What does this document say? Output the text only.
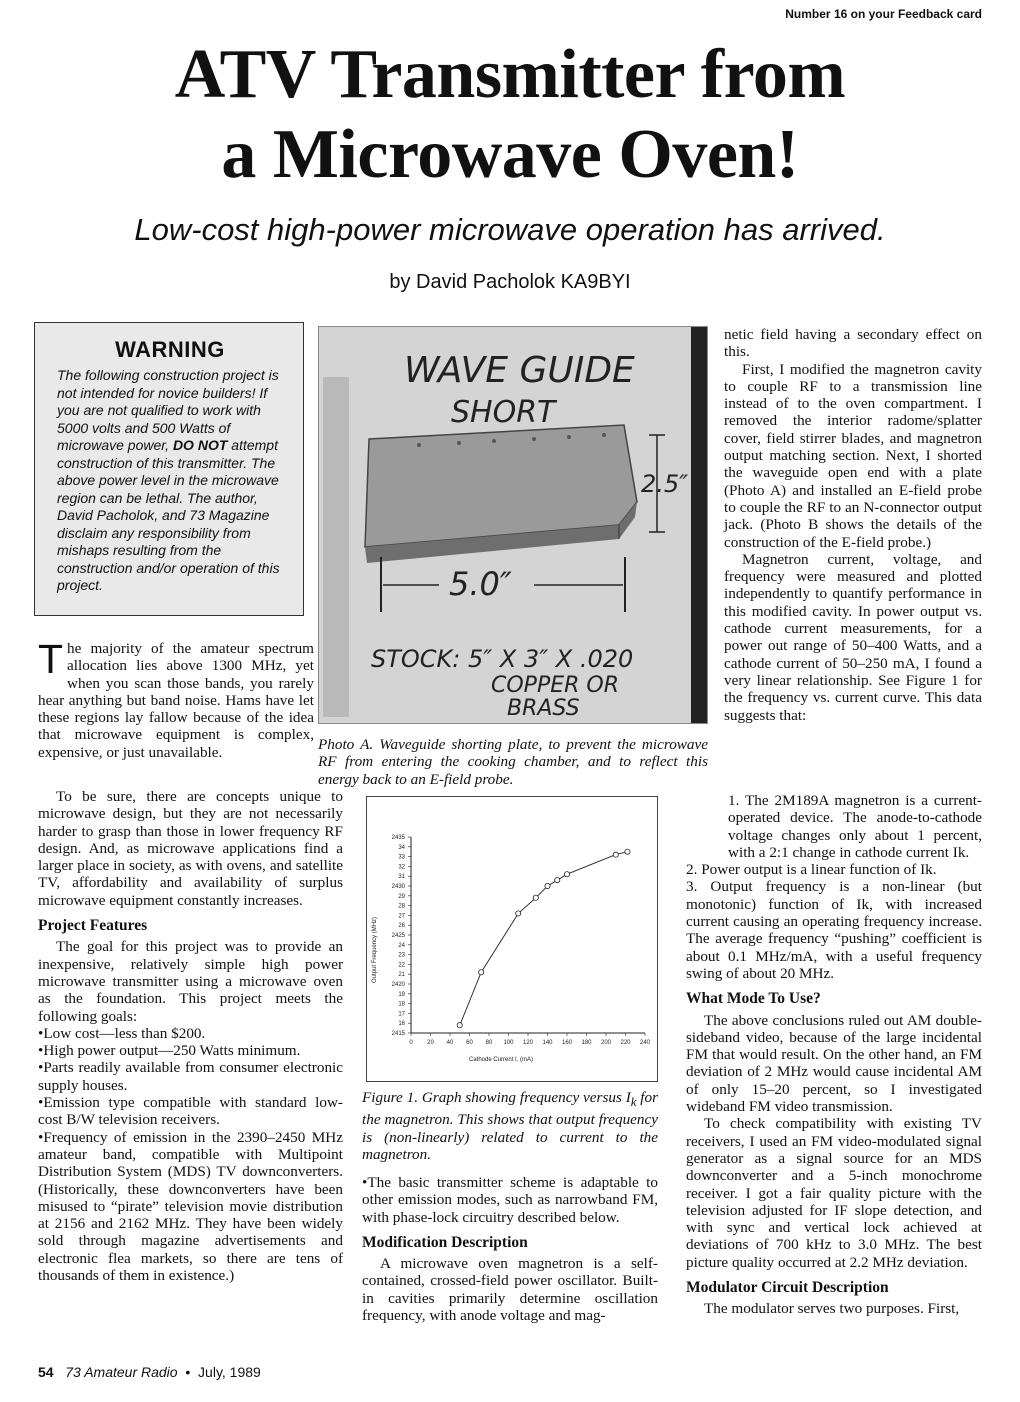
Number 16 on your Feedback card
ATV Transmitter from
a Microwave Oven!
Low-cost high-power microwave operation has arrived.
by David Pacholok KA9BYI
WARNING

The following construction project is not intended for novice builders! If you are not qualified to work with 5000 volts and 500 Watts of microwave power, DO NOT attempt construction of this transmitter. The above power level in the microwave region can be lethal. The author, David Pacholok, and 73 Magazine disclaim any responsibility from mishaps resulting from the construction and/or operation of this project.

The majority of the amateur spectrum allocation lies above 1300 MHz, yet when you scan those bands, you rarely hear anything but band noise. Hams have let these regions lay fallow because of the idea that microwave equipment is complex, expensive, or just unavailable.

To be sure, there are concepts unique to microwave design, but they are not necessarily harder to grasp than those in lower frequency RF design. And, as microwave applications find a larger place in society, as with ovens, and satellite TV, affordability and availability of surplus microwave equipment constantly increases.

Project Features

The goal for this project was to provide an inexpensive, relatively simple high power microwave transmitter using a microwave oven as the foundation. This project meets the following goals:

•Low cost—less than $200.

•High power output—250 Watts minimum.

•Parts readily available from consumer electronic supply houses.

•Emission type compatible with standard low-cost B/W television receivers.

•Frequency of emission in the 2390–2450 MHz amateur band, compatible with Multipoint Distribution System (MDS) TV downconverters. (Historically, these downconverters have been misused to “pirate” television movie distribution at 2156 and 2162 MHz. They have been widely sold through magazine advertisements and electronic flea markets, so there are tens of thousands of them in existence.)

WAVE GUIDE
SHORT
2.5″
5.0″
STOCK: 5″ X 3″ X .020
COPPER OR
BRASS
Photo A. Waveguide shorting plate, to prevent the microwave RF from entering the cooking chamber, and to reflect this energy back to an E-field probe.
Output Frequency (MHz)
Cathode Current I, (mA)
2415
16
17
18
19
2420
21
22
23
24
2425
26
27
28
29
2430
31
32
33
34
2435
0 20 40 60 80 100 120 140 160 180 200 220 240
Figure 1. Graph showing frequency versus $I_k$ for the magnetron. This shows that output frequency is (non-linearly) related to current to the magnetron.

•The basic transmitter scheme is adaptable to other emission modes, such as narrowband FM, with phase-lock circuitry described below.

Modification Description

A microwave oven magnetron is a self-contained, crossed-field power oscillator. Built-in cavities primarily determine oscillation frequency, with anode voltage and mag-

netic field having a secondary effect on this.

First, I modified the magnetron cavity to couple RF to a transmission line instead of to the oven compartment. I removed the interior radome/splatter cover, field stirrer blades, and magnetron output matching section. Next, I shorted the waveguide open end with a plate (Photo A) and installed an E-field probe to couple the RF to an N-connector output jack. (Photo B shows the details of the construction of the E-field probe.)

Magnetron current, voltage, and frequency were measured and plotted independently to quantify performance in this modified cavity. In power output vs. cathode current measurements, for a power out range of 50–400 Watts, and a cathode current of 50–250 mA, I found a very linear relationship. See Figure 1 for the frequency vs. current curve. This data suggests that:

1. The 2M189A magnetron is a current-operated device. The anode-to-cathode voltage changes only about 1 percent, with a 2:1 change in cathode current Ik.

2. Power output is a linear function of Ik.

3. Output frequency is a non-linear (but monotonic) function of Ik, with increased current causing an operating frequency increase. The average frequency “pushing” coefficient is about 0.1 MHz/mA, with a useful frequency swing of about 20 MHz.

What Mode To Use?

The above conclusions ruled out AM double-sideband video, because of the large incidental FM that would result. On the other hand, an FM deviation of 2 MHz would cause incidental AM of only 15–20 percent, so I investigated wideband FM video transmission.

To check compatibility with existing TV receivers, I used an FM video-modulated signal generator as a signal source for an MDS downconverter and a 5-inch monochrome receiver. I got a fair quality picture with the television adjusted for IF slope detection, and with sync and vertical lock achieved at deviations of 700 kHz to 3.0 MHz. The best picture quality occurred at 2.2 MHz deviation.

Modulator Circuit Description

The modulator serves two purposes. First,

54 73 Amateur Radio • July, 1989
